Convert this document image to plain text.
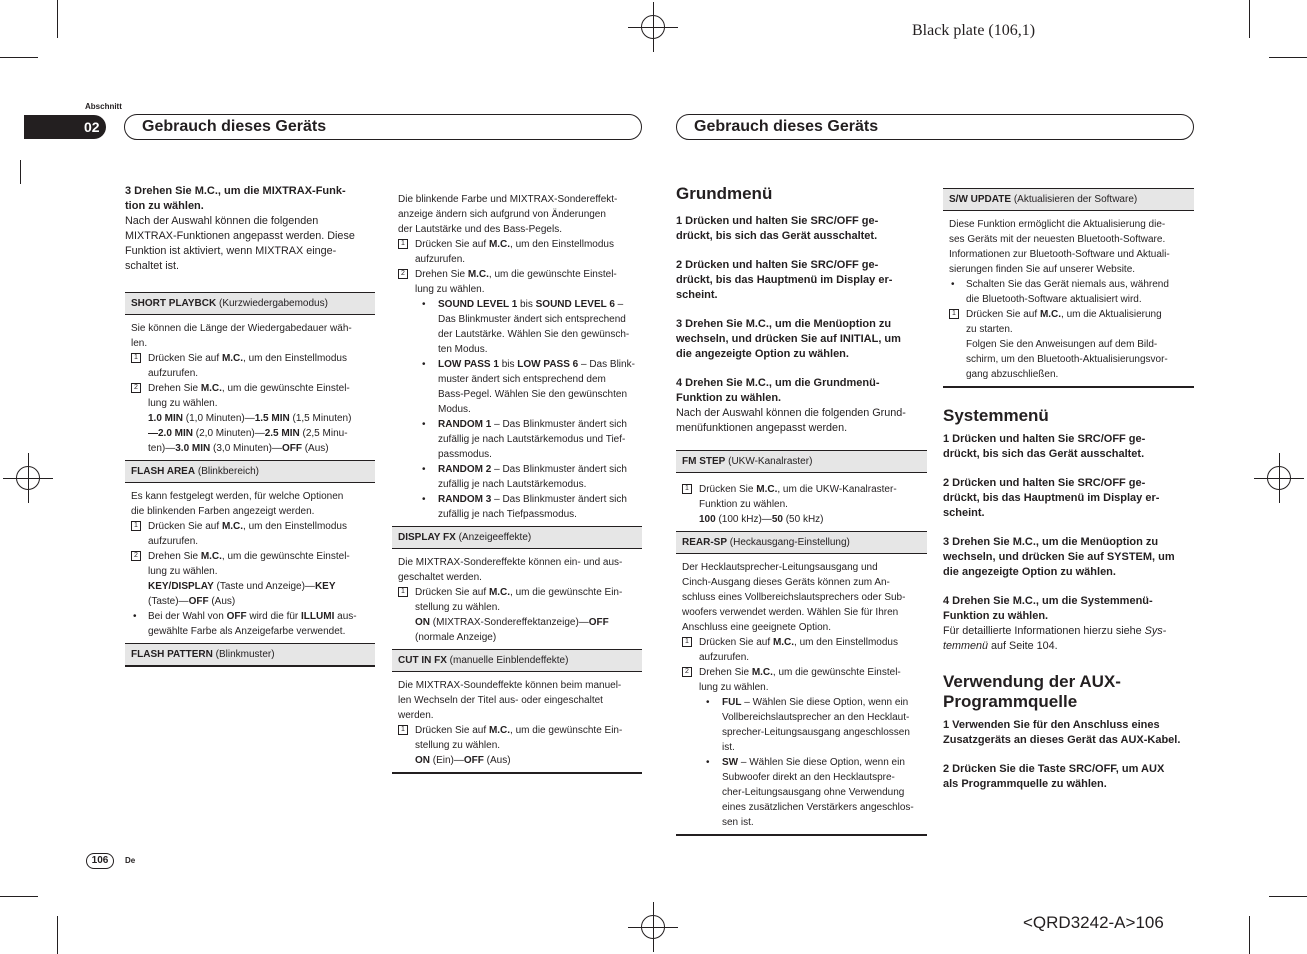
Black plate (106,1)
<QRD3242-A>106
Abschnitt
02	Gebrauch dieses Geräts	Gebrauch dieses Geräts

3 Drehen Sie M.C., um die MIXTRAX-Funk-

tion zu wählen.

Nach der Auswahl können die folgenden

MIXTRAX-Funktionen angepasst werden. Diese

Funktion ist aktiviert, wenn MIXTRAX einge-

schaltet ist.

SHORT PLAYBCK (Kurzwiedergabemodus)

Sie können die Länge der Wiedergabedauer wäh-

len.

1	Drücken Sie auf M.C., um den Einstellmodus
aufzurufen.
2	Drehen Sie M.C., um die gewünschte Einstel-
lung zu wählen.
1.0 MIN (1,0 Minuten)—1.5 MIN (1,5 Minuten)
—2.0 MIN (2,0 Minuten)—2.5 MIN (2,5 Minu-
ten)—3.0 MIN (3,0 Minuten)—OFF (Aus)
FLASH AREA (Blinkbereich)

Es kann festgelegt werden, für welche Optionen

die blinkenden Farben angezeigt werden.

1	Drücken Sie auf M.C., um den Einstellmodus
aufzurufen.
2	Drehen Sie M.C., um die gewünschte Einstel-
lung zu wählen.
KEY/DISPLAY (Taste und Anzeige)—KEY
(Taste)—OFF (Aus)
• Bei der Wahl von OFF wird die für ILLUMI aus-
gewählte Farbe als Anzeigefarbe verwendet.
FLASH PATTERN (Blinkmuster)

Die blinkende Farbe und MIXTRAX-Sondereffekt-

anzeige ändern sich aufgrund von Änderungen

der Lautstärke und des Bass-Pegels.

1	Drücken Sie auf M.C., um den Einstellmodus
aufzurufen.
2	Drehen Sie M.C., um die gewünschte Einstel-
lung zu wählen.
• SOUND LEVEL 1 bis SOUND LEVEL 6 –
Das Blinkmuster ändert sich entsprechend
der Lautstärke. Wählen Sie den gewünsch-
ten Modus.
• LOW PASS 1 bis LOW PASS 6 – Das Blink-
muster ändert sich entsprechend dem
Bass-Pegel. Wählen Sie den gewünschten
Modus.
• RANDOM 1 – Das Blinkmuster ändert sich
zufällig je nach Lautstärkemodus und Tief-
passmodus.
• RANDOM 2 – Das Blinkmuster ändert sich
zufällig je nach Lautstärkemodus.
• RANDOM 3 – Das Blinkmuster ändert sich
zufällig je nach Tiefpassmodus.
DISPLAY FX (Anzeigeeffekte)

Die MIXTRAX-Sondereffekte können ein- und aus-

geschaltet werden.

1	Drücken Sie auf M.C., um die gewünschte Ein-
stellung zu wählen.
ON (MIXTRAX-Sondereffektanzeige)—OFF
(normale Anzeige)
CUT IN FX (manuelle Einblendeffekte)

Die MIXTRAX-Soundeffekte können beim manuel-

len Wechseln der Titel aus- oder eingeschaltet

werden.

1	Drücken Sie auf M.C., um die gewünschte Ein-
stellung zu wählen.
ON (Ein)—OFF (Aus)

Grundmenü

1 Drücken und halten Sie SRC/OFF ge-

drückt, bis sich das Gerät ausschaltet.

2 Drücken und halten Sie SRC/OFF ge-

drückt, bis das Hauptmenü im Display er-

scheint.

3 Drehen Sie M.C., um die Menüoption zu

wechseln, und drücken Sie auf INITIAL, um

die angezeigte Option zu wählen.

4 Drehen Sie M.C., um die Grundmenü-

Funktion zu wählen.

Nach der Auswahl können die folgenden Grund-

menüfunktionen angepasst werden.

FM STEP (UKW-Kanalraster)
1	Drücken Sie M.C., um die UKW-Kanalraster-
Funktion zu wählen.
100 (100 kHz)—50 (50 kHz)
REAR-SP (Heckausgang-Einstellung)

Der Hecklautsprecher-Leitungsausgang und

Cinch-Ausgang dieses Geräts können zum An-

schluss eines Vollbereichslautsprechers oder Sub-

woofers verwendet werden. Wählen Sie für Ihren

Anschluss eine geeignete Option.

1	Drücken Sie auf M.C., um den Einstellmodus
aufzurufen.
2	Drehen Sie M.C., um die gewünschte Einstel-
lung zu wählen.
• FUL – Wählen Sie diese Option, wenn ein
Vollbereichslautsprecher an den Hecklaut-
sprecher-Leitungsausgang angeschlossen
ist.
• SW – Wählen Sie diese Option, wenn ein
Subwoofer direkt an den Hecklautspre-
cher-Leitungsausgang ohne Verwendung
eines zusätzlichen Verstärkers angeschlos-
sen ist.
S/W UPDATE (Aktualisieren der Software)

Diese Funktion ermöglicht die Aktualisierung die-

ses Geräts mit der neuesten Bluetooth-Software.

Informationen zur Bluetooth-Software und Aktuali-

sierungen finden Sie auf unserer Website.

• Schalten Sie das Gerät niemals aus, während
die Bluetooth-Software aktualisiert wird.
1	Drücken Sie auf M.C., um die Aktualisierung
zu starten.
Folgen Sie den Anweisungen auf dem Bild-
schirm, um den Bluetooth-Aktualisierungsvor-
gang abzuschließen.

Systemmenü

1 Drücken und halten Sie SRC/OFF ge-

drückt, bis sich das Gerät ausschaltet.

2 Drücken und halten Sie SRC/OFF ge-

drückt, bis das Hauptmenü im Display er-

scheint.

3 Drehen Sie M.C., um die Menüoption zu

wechseln, und drücken Sie auf SYSTEM, um

die angezeigte Option zu wählen.

4 Drehen Sie M.C., um die Systemmenü-

Funktion zu wählen.

Für detaillierte Informationen hierzu siehe Sys-

temmenü auf Seite 104.

Verwendung der AUX-

Programmquelle

1 Verwenden Sie für den Anschluss eines

Zusatzgeräts an dieses Gerät das AUX-Kabel.

2 Drücken Sie die Taste SRC/OFF, um AUX

als Programmquelle zu wählen.

106	De
